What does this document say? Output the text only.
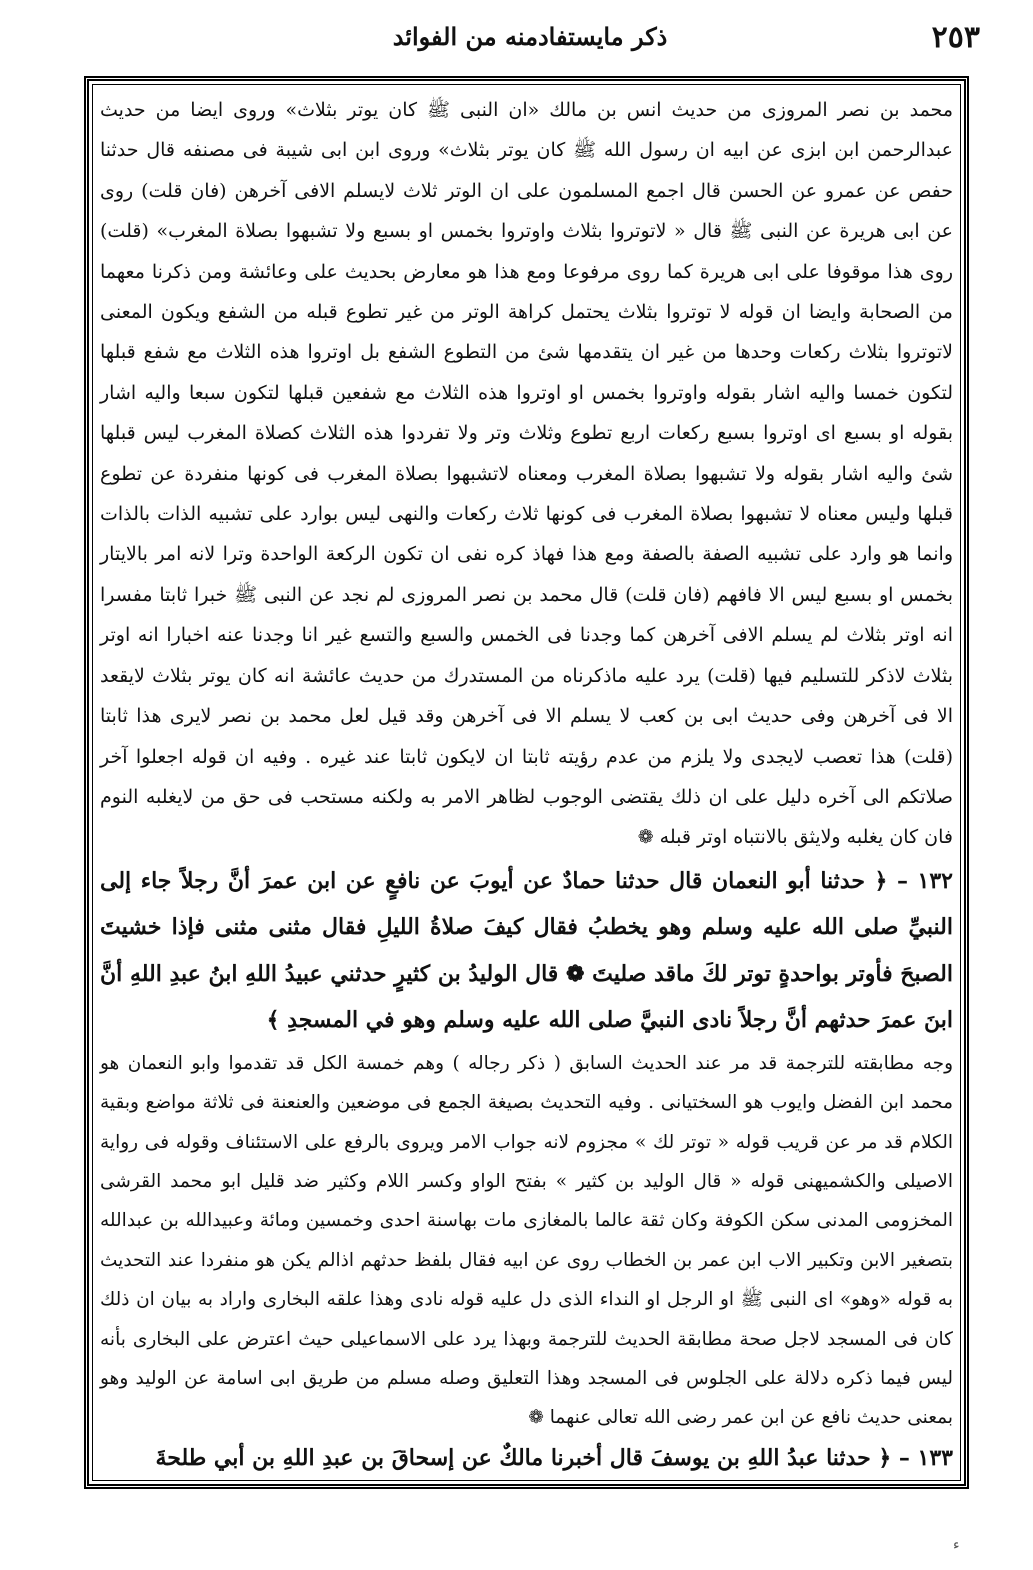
٢٥٣
ذكر مايستفادمنه من الفوائد

محمد بن نصر المروزى من حديث انس بن مالك «ان النبى ﷺ كان يوتر بثلاث» وروى ايضا من حديث عبدالرحمن ابن ابزى عن ابيه ان رسول الله ﷺ كان يوتر بثلاث» وروى ابن ابى شيبة فى مصنفه قال حدثنا حفص عن عمرو عن الحسن قال اجمع المسلمون على ان الوتر ثلاث لايسلم الافى آخرهن (فان قلت) روى عن ابى هريرة عن النبى ﷺ قال « لاتوتروا بثلاث واوتروا بخمس او بسبع ولا تشبهوا بصلاة المغرب» (قلت) روى هذا موقوفا على ابى هريرة كما روى مرفوعا ومع هذا هو معارض بحديث على وعائشة ومن ذكرنا معهما من الصحابة وايضا ان قوله لا توتروا بثلاث يحتمل كراهة الوتر من غير تطوع قبله من الشفع ويكون المعنى لاتوتروا بثلاث ركعات وحدها من غير ان يتقدمها شئ من التطوع الشفع بل اوتروا هذه الثلاث مع شفع قبلها لتكون خمسا واليه اشار بقوله واوتروا بخمس او اوتروا هذه الثلاث مع شفعين قبلها لتكون سبعا واليه اشار بقوله او بسبع اى اوتروا بسبع ركعات اربع تطوع وثلاث وتر ولا تفردوا هذه الثلاث كصلاة المغرب ليس قبلها شئ واليه اشار بقوله ولا تشبهوا بصلاة المغرب ومعناه لاتشبهوا بصلاة المغرب فى كونها منفردة عن تطوع قبلها وليس معناه لا تشبهوا بصلاة المغرب فى كونها ثلاث ركعات والنهى ليس بوارد على تشبيه الذات بالذات وانما هو وارد على تشبيه الصفة بالصفة ومع هذا فهاذ كره نفى ان تكون الركعة الواحدة وترا لانه امر بالايتار بخمس او بسبع ليس الا فافهم (فان قلت) قال محمد بن نصر المروزى لم نجد عن النبى ﷺ خبرا ثابتا مفسرا انه اوتر بثلاث لم يسلم الافى آخرهن كما وجدنا فى الخمس والسبع والتسع غير انا وجدنا عنه اخبارا انه اوتر بثلاث لاذكر للتسليم فيها (قلت) يرد عليه ماذكرناه من المستدرك من حديث عائشة انه كان يوتر بثلاث لايقعد الا فى آخرهن وفى حديث ابى بن كعب لا يسلم الا فى آخرهن وقد قيل لعل محمد بن نصر لايرى هذا ثابتا (قلت) هذا تعصب لايجدى ولا يلزم من عدم رؤيته ثابتا ان لايكون ثابتا عند غيره . وفيه ان قوله اجعلوا آخر صلاتكم الى آخره دليل على ان ذلك يقتضى الوجوب لظاهر الامر به ولكنه مستحب فى حق من لايغلبه النوم فان كان يغلبه ولايثق بالانتباه اوتر قبله ❁

١٣٢ – ﴿ حدثنا أبو النعمان قال حدثنا حمادٌ عن أيوبَ عن نافعٍ عن ابن عمرَ أنَّ رجلاً جاء إلى النبيِّ صلى الله عليه وسلم وهو يخطبُ فقال كيفَ صلاةُ الليلِ فقال مثنى مثنى فإذا خشيتَ الصبحَ فأوتر بواحدةٍ توتر لكَ ماقد صليتَ ❁ قال الوليدُ بن كثيرٍ حدثني عبيدُ اللهِ ابنُ عبدِ اللهِ أنَّ ابنَ عمرَ حدثهم أنَّ رجلاً نادى النبيَّ صلى الله عليه وسلم وهو في المسجدِ ﴾

وجه مطابقته للترجمة قد مر عند الحديث السابق ( ذكر رجاله ) وهم خمسة الكل قد تقدموا وابو النعمان هو محمد ابن الفضل وايوب هو السختيانى . وفيه التحديث بصيغة الجمع فى موضعين والعنعنة فى ثلاثة مواضع وبقية الكلام قد مر عن قريب قوله « توتر لك » مجزوم لانه جواب الامر ويروى بالرفع على الاستئناف وقوله فى رواية الاصيلى والكشميهنى قوله « قال الوليد بن كثير » بفتح الواو وكسر اللام وكثير ضد قليل ابو محمد القرشى المخزومى المدنى سكن الكوفة وكان ثقة عالما بالمغازى مات بهاسنة احدى وخمسين ومائة وعبيدالله بن عبدالله بتصغير الابن وتكبير الاب ابن عمر بن الخطاب روى عن ابيه فقال بلفظ حدثهم اذالم يكن هو منفردا عند التحديث به قوله «وهو» اى النبى ﷺ او الرجل او النداء الذى دل عليه قوله نادى وهذا علقه البخارى واراد به بيان ان ذلك كان فى المسجد لاجل صحة مطابقة الحديث للترجمة وبهذا يرد على الاسماعيلى حيث اعترض على البخارى بأنه ليس فيما ذكره دلالة على الجلوس فى المسجد وهذا التعليق وصله مسلم من طريق ابى اسامة عن الوليد وهو بمعنى حديث نافع عن ابن عمر رضى الله تعالى عنهما ❁

١٣٣ – ﴿ حدثنا عبدُ اللهِ بن يوسفَ قال أخبرنا مالكٌ عن إسحاقَ بن عبدِ اللهِ بن أبي طلحةَ

ء
